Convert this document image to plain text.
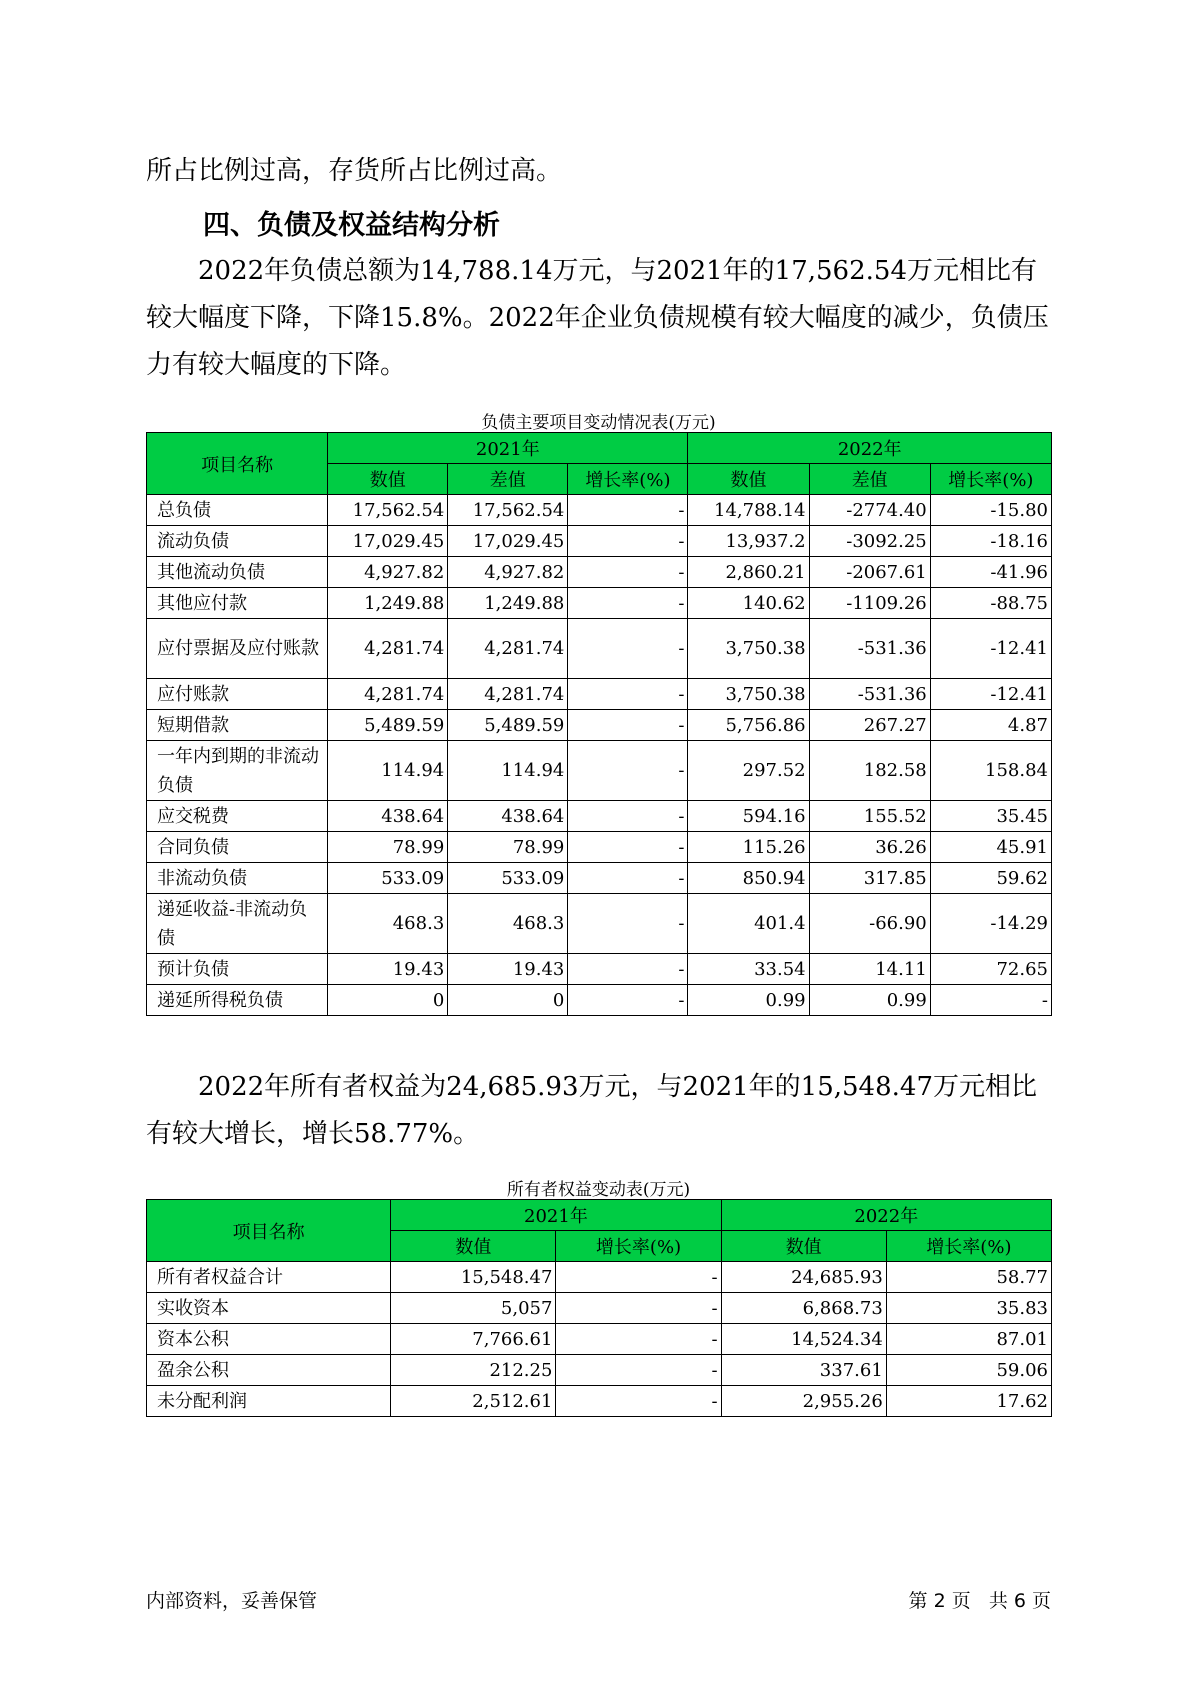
所占比例过高，存货所占比例过高。

四、负债及权益结构分析

2022年负债总额为14,788.14万元，与2021年的17,562.54万元相比有较大幅度下降，下降15.8%。2022年企业负债规模有较大幅度的减少，负债压力有较大幅度的下降。

负债主要项目变动情况表(万元)
项目名称	2021年			2022年		
	数值	差值	增长率(%)	数值	差值	增长率(%)
总负债	17,562.54	17,562.54	-	14,788.14	-2774.40	-15.80
流动负债	17,029.45	17,029.45	-	13,937.2	-3092.25	-18.16
其他流动负债	4,927.82	4,927.82	-	2,860.21	-2067.61	-41.96
其他应付款	1,249.88	1,249.88	-	140.62	-1109.26	-88.75
应付票据及应付账款	4,281.74	4,281.74	-	3,750.38	-531.36	-12.41
应付账款	4,281.74	4,281.74	-	3,750.38	-531.36	-12.41
短期借款	5,489.59	5,489.59	-	5,756.86	267.27	4.87
一年内到期的非流动负债	114.94	114.94	-	297.52	182.58	158.84
应交税费	438.64	438.64	-	594.16	155.52	35.45
合同负债	78.99	78.99	-	115.26	36.26	45.91
非流动负债	533.09	533.09	-	850.94	317.85	59.62
递延收益-非流动负债	468.3	468.3	-	401.4	-66.90	-14.29
预计负债	19.43	19.43	-	33.54	14.11	72.65
递延所得税负债	0	0	-	0.99	0.99	-

2022年所有者权益为24,685.93万元，与2021年的15,548.47万元相比有较大增长，增长58.77%。

所有者权益变动表(万元)
项目名称	2021年		2022年	
	数值	增长率(%)	数值	增长率(%)
所有者权益合计	15,548.47	-	24,685.93	58.77
实收资本	5,057	-	6,868.73	35.83
资本公积	7,766.61	-	14,524.34	87.01
盈余公积	212.25	-	337.61	59.06
未分配利润	2,512.61	-	2,955.26	17.62
内部资料，妥善保管	第 2 页   共 6 页
